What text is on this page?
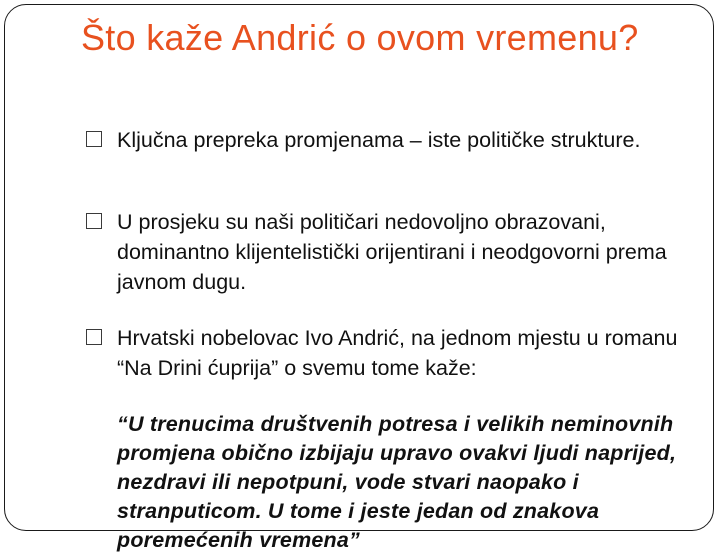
Što kaže Andrić o ovom vremenu?
Ključna prepreka promjenama – iste političke strukture.
U prosjeku su naši političari nedovoljno obrazovani, dominantno klijentelistički orijentirani i neodgovorni prema javnom dugu.
Hrvatski nobelovac Ivo Andrić, na jednom mjestu u romanu “Na Drini ćuprija” o svemu tome kaže:
“U trenucima društvenih potresa i velikih neminovnih promjena obično izbijaju upravo ovakvi ljudi naprijed, nezdravi ili nepotpuni, vode stvari naopako i stranputicom. U tome i jeste jedan od znakova poremećenih vremena”
